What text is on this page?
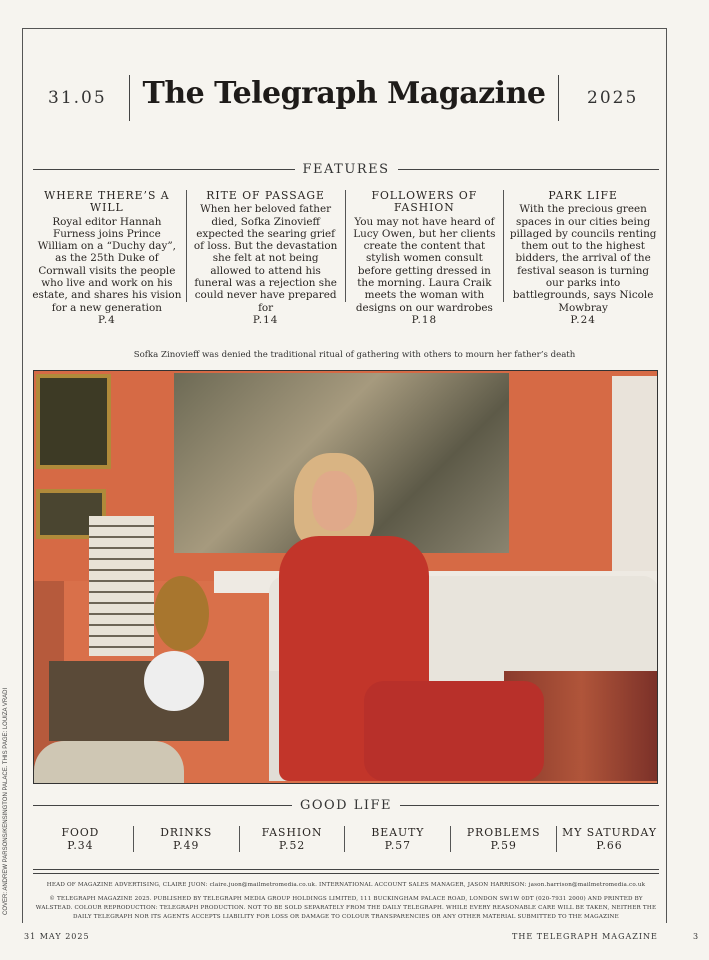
31.05	The Telegraph Magazine	2025
FEATURES
WHERE THERE’S A WILL

Royal editor Hannah Furness joins Prince William on a “Duchy day”, as the 25th Duke of Cornwall visits the people who live and work on his estate, and shares his vision for a new generation

P.4

RITE OF PASSAGE

When her beloved father died, Sofka Zinovieff expected the searing grief of loss. But the devastation she felt at not being allowed to attend his funeral was a rejection she could never have prepared for

P.14

FOLLOWERS OF FASHION

You may not have heard of Lucy Owen, but her clients create the content that stylish women consult before getting dressed in the morning. Laura Craik meets the woman with designs on our wardrobes

P.18

PARK LIFE

With the precious green spaces in our cities being pillaged by councils renting them out to the highest bidders, the arrival of the festival season is turning our parks into battlegrounds, says Nicole Mowbray

P.24

Sofka Zinovieff was denied the traditional ritual of gathering with others to mourn her father’s death
GOOD LIFE
FOOD
P.34
DRINKS
P.49
FASHION
P.52
BEAUTY
P.57
PROBLEMS
P.59
MY SATURDAY
P.66
HEAD OF MAGAZINE ADVERTISING, CLAIRE JUON: claire.juon@mailmetromedia.co.uk. INTERNATIONAL ACCOUNT SALES MANAGER, JASON HARRISON: jason.harrison@mailmetromedia.co.uk
© TELEGRAPH MAGAZINE 2025. PUBLISHED BY TELEGRAPH MEDIA GROUP HOLDINGS LIMITED, 111 BUCKINGHAM PALACE ROAD, LONDON SW1W 0DT (020-7931 2000) AND PRINTED BY WALSTEAD. COLOUR REPRODUCTION: TELEGRAPH PRODUCTION. NOT TO BE SOLD SEPARATELY FROM THE DAILY TELEGRAPH. WHILE EVERY REASONABLE CARE WILL BE TAKEN, NEITHER THE DAILY TELEGRAPH NOR ITS AGENTS ACCEPTS LIABILITY FOR LOSS OR DAMAGE TO COLOUR TRANSPARENCIES OR ANY OTHER MATERIAL SUBMITTED TO THE MAGAZINE
COVER: ANDREW PARSONS/KENSINGTON PALACE. THIS PAGE: LOUIZA VRADI
31 MAY 2025	THE TELEGRAPH MAGAZINE	3
